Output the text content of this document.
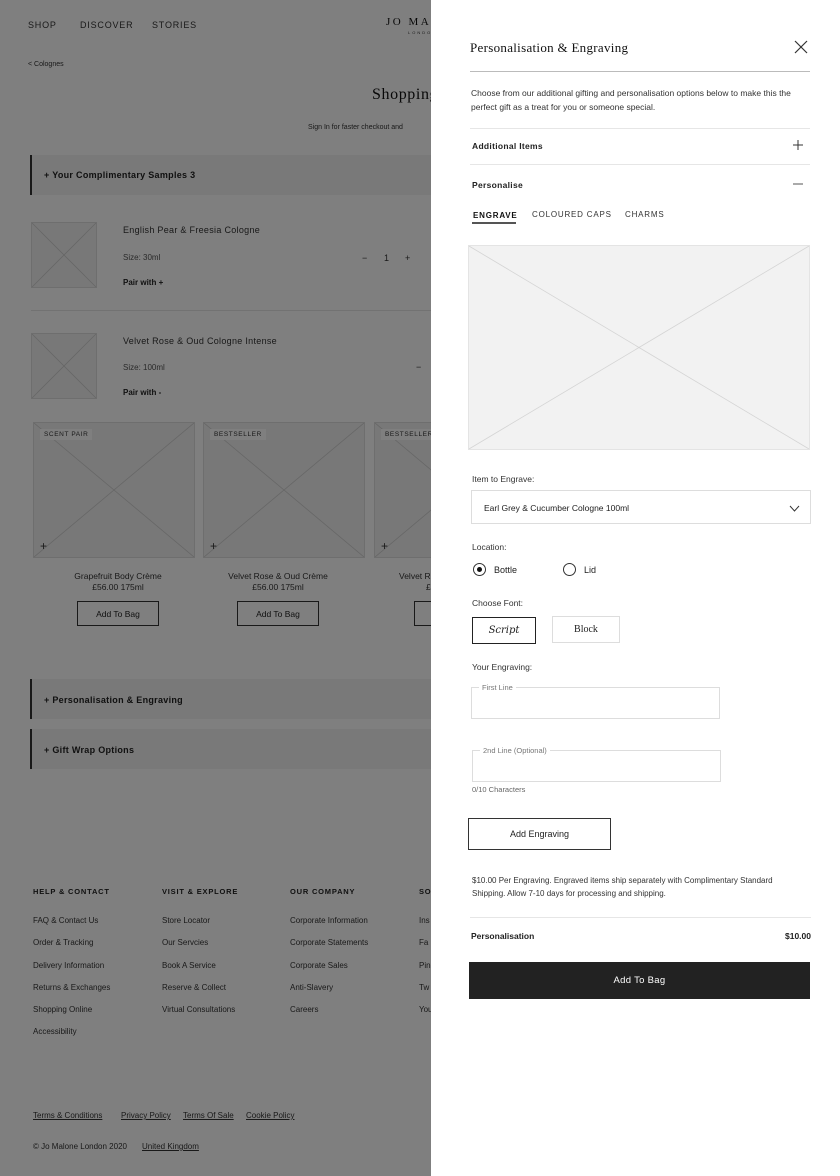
Personalisation & Engraving

Choose from our additional gifting and personalisation options below to make this the perfect gift as a treat for you or someone special.

Additional Items
Personalise
ENGRAVE COLOURED CAPS CHARMS
Item to Engrave:
Earl Grey & Cucumber Cologne 100ml
Location:
Bottle	Lid
Choose Font:
Script	Block
Your Engraving:
First Line
2nd Line (Optional)
0/10 Characters
Add Engraving

$10.00 Per Engraving. Engraved items ship separately with Complimentary Standard Shipping. Allow 7-10 days for processing and shipping.

Personalisation	$10.00
Add To Bag
